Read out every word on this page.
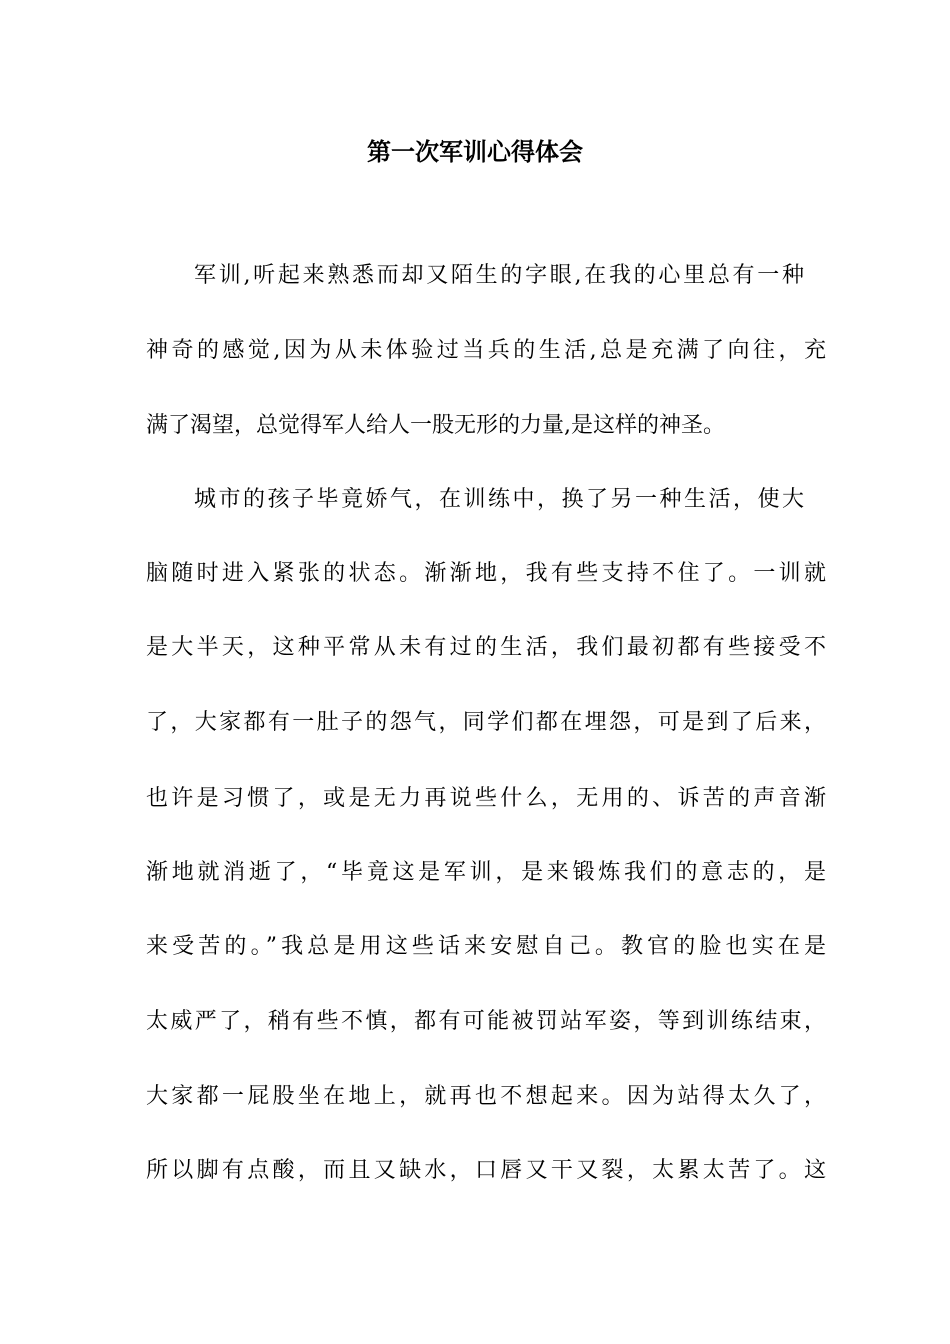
第一次军训心得体会
军训,听起来熟悉而却又陌生的字眼,在我的心里总有一种
神奇的感觉,因为从未体验过当兵的生活,总是充满了向往，充
满了渴望，总觉得军人给人一股无形的力量,是这样的神圣。
城市的孩子毕竟娇气，在训练中，换了另一种生活，使大
脑随时进入紧张的状态。渐渐地，我有些支持不住了。一训就
是大半天，这种平常从未有过的生活，我们最初都有些接受不
了，大家都有一肚子的怨气，同学们都在埋怨，可是到了后来，
也许是习惯了，或是无力再说些什么，无用的、诉苦的声音渐
渐地就消逝了，“毕竟这是军训，是来锻炼我们的意志的，是
来受苦的。”我总是用这些话来安慰自己。教官的脸也实在是
太威严了，稍有些不慎，都有可能被罚站军姿，等到训练结束，
大家都一屁股坐在地上，就再也不想起来。因为站得太久了，
所以脚有点酸，而且又缺水，口唇又干又裂，太累太苦了。这
